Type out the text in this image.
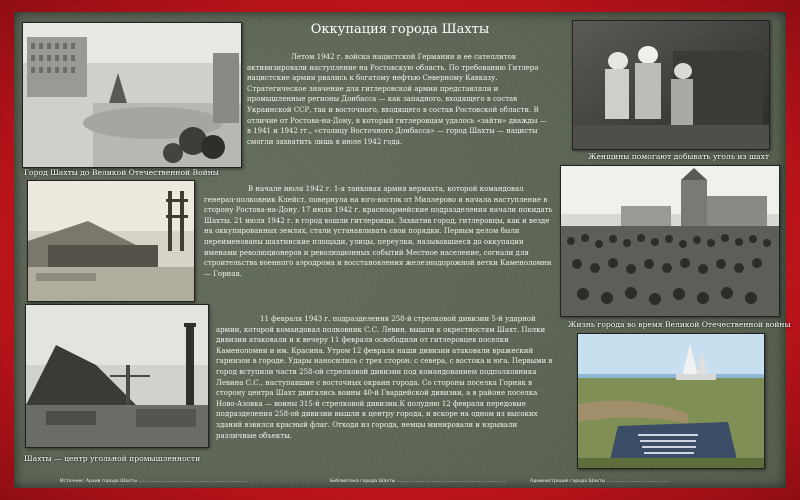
Оккупация города Шахты
Город Шахты до Великой Отечественной Войны
Женщины помогают добывать уголь из шахт
Жизнь города во время Великой Отечественной войны
Шахты — центр угольной промышленности

Летом 1942 г. войска нацистской Германии и ее сателлитов активизировали наступление на Ростовскую область. По требованию Гитлера нацистские армии рвались к богатому нефтью Северному Кавказу. Стратегическое значение для гитлеровской армии представляли и промышленные регионы Донбасса — как западного, входящего в состав Украинской ССР, так и восточного, входящего в состав Ростовской области. В отличие от Ростова-на-Дону, в который гитлеровцам удалось «зайти» дважды — в 1941 и 1942 гг., «столицу Восточного Донбасса» — город Шахты — нацисты смогли захватить лишь в июле 1942 года.

В начале июля 1942 г. 1-я танковая армия вермахта, которой командовал генерал-полковник Клейст, повернула на юго-восток от Миллерово и начала наступление в сторону Ростова-на-Дону. 17 июля 1942 г. красноармейские подразделения начали покидать Шахты. 21 июля 1942 г. в город вошли гитлеровцы. Захватив город, гитлеровцы, как и везде на оккупированных землях, стали устанавливать свои порядки. Первым делом были переименованы шахтинские площади, улицы, переулки, называвшиеся до оккупации именами революционеров и революционных событий Местное население, согнали для строительства военного аэродрома и восстановления железнодорожной ветки Каменоломни — Горная.

11 февраля 1943 г. подразделения 258-й стрелковой дивизии 5-й ударной армии, которой командовал полковник С.С. Левин, вышли к окрестностям Шахт. Полки дивизии атаковали и к вечеру 11 февраля освободили от гитлеровцев поселки Каменоломни и им. Красина. Утром 12 февраля наши дивизии атаковали вражеский гарнизон в городе. Удары наносились с трех сторон: с севера, с востока и юга. Первыми в город вступили части 258-ой стрелковой дивизии под командованием подполковника Левина С.С., наступавшие с восточных окраин города. Со стороны поселка Горняк в сторону центра Шахт двигались воины 40-й Гвардейской дивизии, а в районе поселка Ново-Азовка — воины 315-й стрелковой дивизии.К полудню 12 февраля передовые подразделения 258-ой дивизии вышли к центру города, и вскоре на одном из высоких зданий взвился красный флаг. Отходя из города, немцы минировали и взрывали различные объекты.

Источник: Архив города Шахты ...........................................................................	Библиотека города Шахты ...........................................................................	Администрация города Шахты ...........................................
